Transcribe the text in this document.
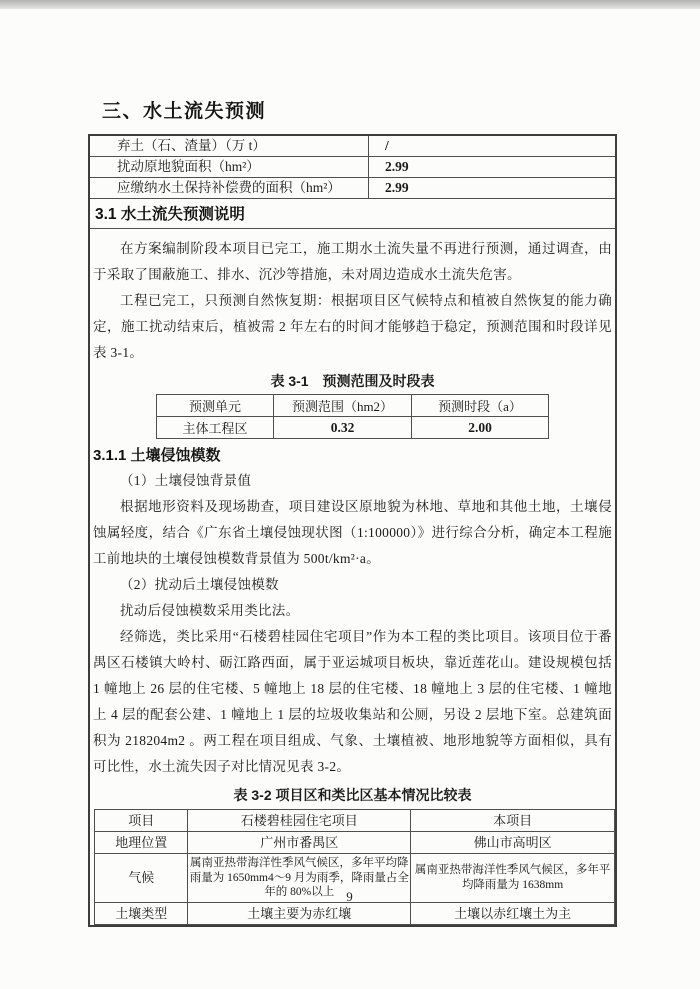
三、水土流失预测
弃土（石、渣量）（万 t）	/
扰动原地貌面积（hm²）	2.99
应缴纳水土保持补偿费的面积（hm²）	2.99
3.1 水土流失预测说明

在方案编制阶段本项目已完工，施工期水土流失量不再进行预测，通过调查，由于采取了围蔽施工、排水、沉沙等措施，未对周边造成水土流失危害。

工程已完工，只预测自然恢复期：根据项目区气候特点和植被自然恢复的能力确定，施工扰动结束后，植被需 2 年左右的时间才能够趋于稳定，预测范围和时段详见表 3-1。

表 3-1　预测范围及时段表
预测单元	预测范围（hm2）	预测时段（a）
主体工程区	0.32	2.00
3.1.1 土壤侵蚀模数

（1）土壤侵蚀背景值

根据地形资料及现场勘查，项目建设区原地貌为林地、草地和其他土地，土壤侵蚀属轻度，结合《广东省土壤侵蚀现状图（1:100000）》进行综合分析，确定本工程施工前地块的土壤侵蚀模数背景值为 500t/km²·a。

（2）扰动后土壤侵蚀模数

扰动后侵蚀模数采用类比法。

经筛选，类比采用“石楼碧桂园住宅项目”作为本工程的类比项目。该项目位于番禺区石楼镇大岭村、砺江路西面，属于亚运城项目板块，靠近莲花山。建设规模包括 1 幢地上 26 层的住宅楼、5 幢地上 18 层的住宅楼、18 幢地上 3 层的住宅楼、1 幢地上 4 层的配套公建、1 幢地上 1 层的垃圾收集站和公厕，另设 2 层地下室。总建筑面积为 218204m2 。两工程在项目组成、气象、土壤植被、地形地貌等方面相似，具有可比性，水土流失因子对比情况见表 3-2。

表 3-2 项目区和类比区基本情况比较表
项目	石楼碧桂园住宅项目	本项目
地理位置	广州市番禺区	佛山市高明区
气候	属南亚热带海洋性季风气候区，多年平均降雨量为 1650mm4～9 月为雨季，降雨量占全年的 80%以上	属南亚热带海洋性季风气候区，多年平均降雨量为 1638mm
土壤类型	土壤主要为赤红壤	土壤以赤红壤土为主
9
